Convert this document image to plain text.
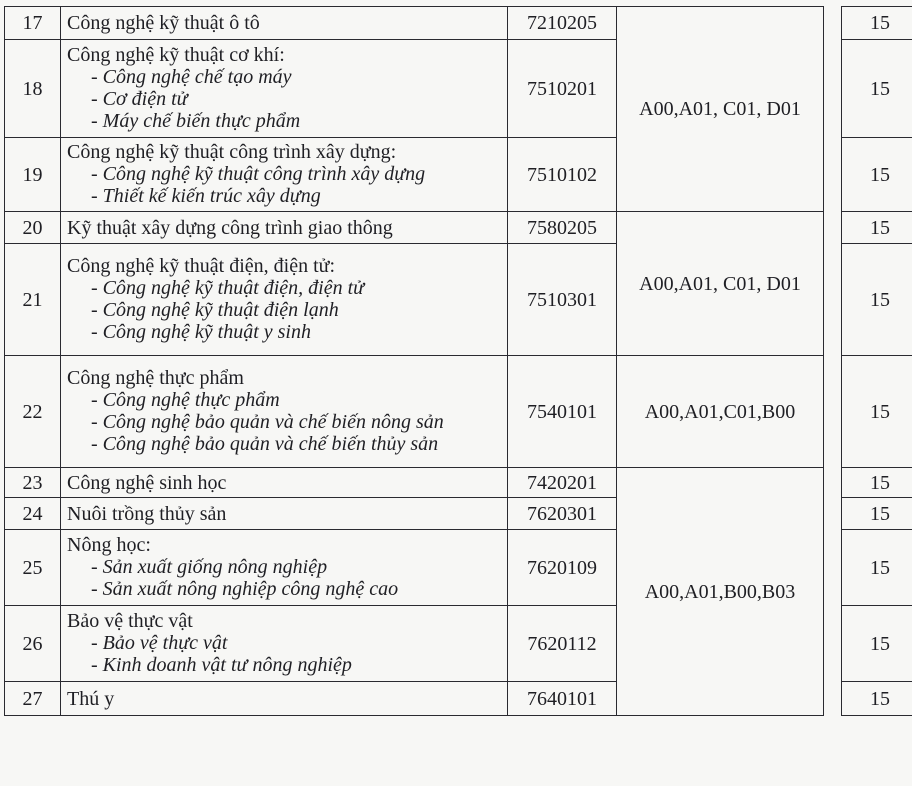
17	Công nghệ kỹ thuật ô tô	7210205	A00,A01, C01, D01		15
18	Công nghệ kỹ thuật cơ khí:
- Công nghệ chế tạo máy
- Cơ điện tử
- Máy chế biến thực phẩm	7510201			15
19	Công nghệ kỹ thuật công trình xây dựng:
- Công nghệ kỹ thuật công trình xây dựng
- Thiết kế kiến trúc xây dựng	7510102			15
20	Kỹ thuật xây dựng công trình giao thông	7580205	A00,A01, C01, D01		15
21	Công nghệ kỹ thuật điện, điện tử:
- Công nghệ kỹ thuật điện, điện tử
- Công nghệ kỹ thuật điện lạnh
- Công nghệ kỹ thuật y sinh	7510301			15
22	Công nghệ thực phẩm
- Công nghệ thực phẩm
- Công nghệ bảo quản và chế biến nông sản
- Công nghệ bảo quản và chế biến thủy sản	7540101	A00,A01,C01,B00		15
23	Công nghệ sinh học	7420201	A00,A01,B00,B03		15
24	Nuôi trồng thủy sản	7620301			15
25	Nông học:
- Sản xuất giống nông nghiệp
- Sản xuất nông nghiệp công nghệ cao	7620109			15
26	Bảo vệ thực vật
- Bảo vệ thực vật
- Kinh doanh vật tư nông nghiệp	7620112			15
27	Thú y	7640101			15
